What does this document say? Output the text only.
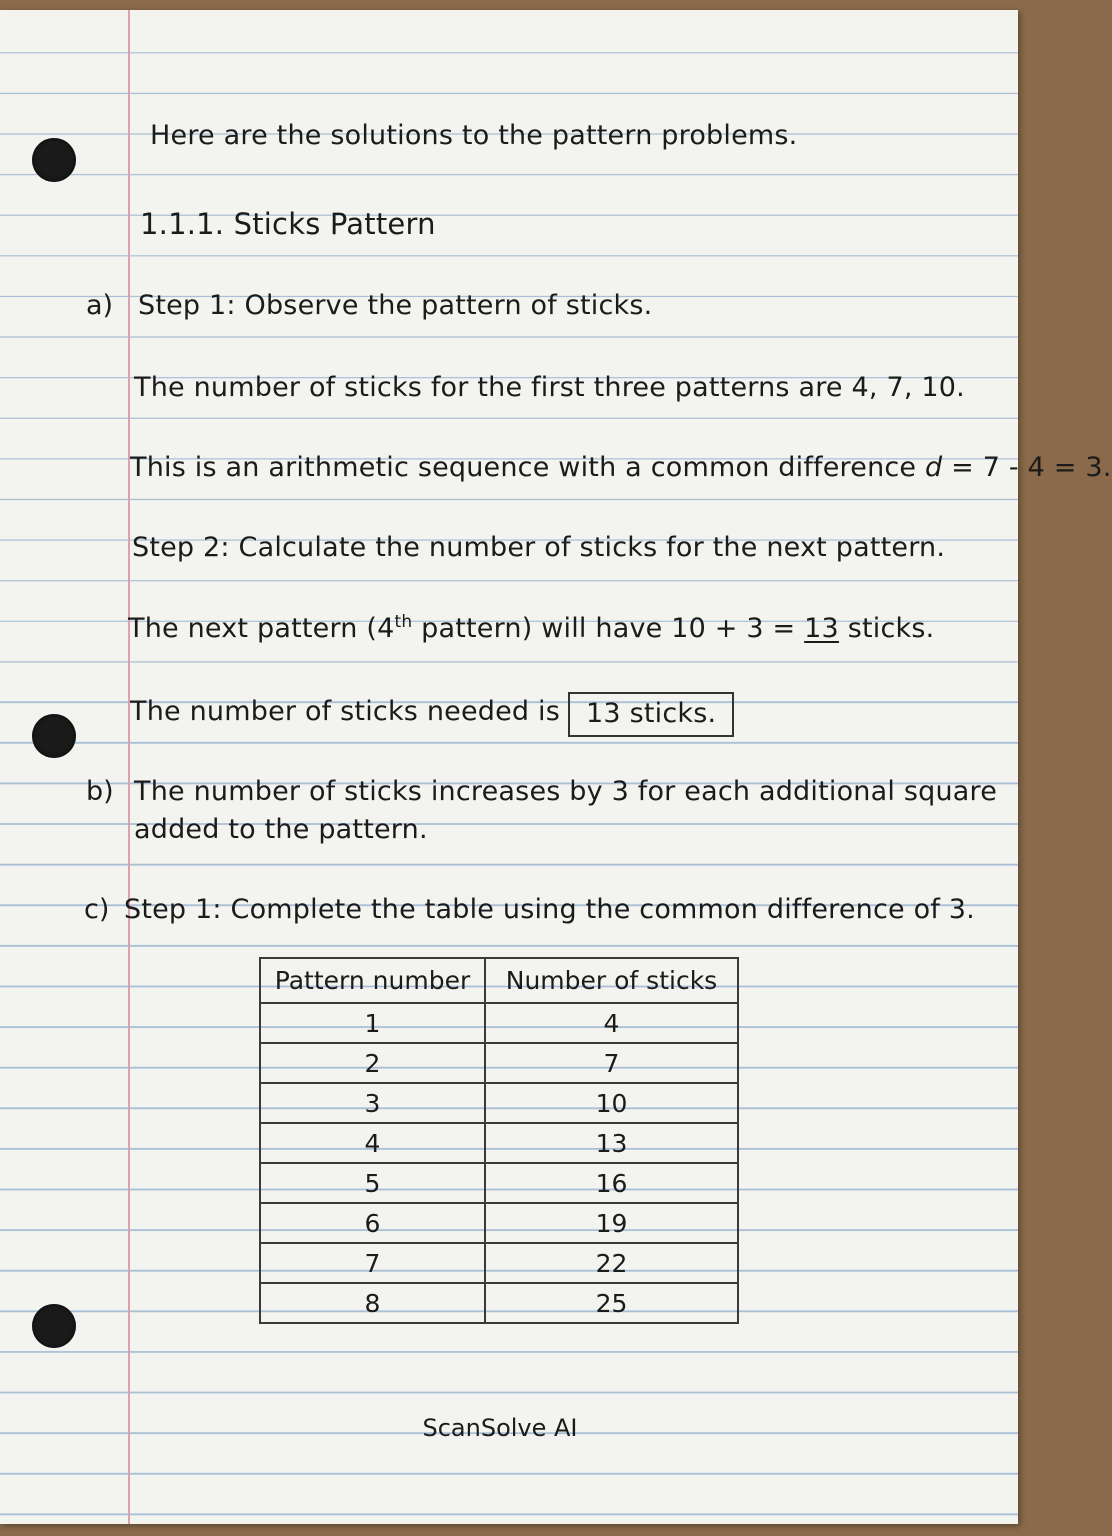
Here are the solutions to the pattern problems.

1.1.1. Sticks Pattern

a) Step 1: Observe the pattern of sticks.

The number of sticks for the first three patterns are 4, 7, 10.

This is an arithmetic sequence with a common difference d = 7 - 4 = 3.

Step 2: Calculate the number of sticks for the next pattern.

The next pattern (4th pattern) will have 10 + 3 = 13 sticks.

The number of sticks needed is 13 sticks.

b) The number of sticks increases by 3 for each additional square

added to the pattern.

c) Step 1: Complete the table using the common difference of 3.

Pattern number	Number of sticks
1	4
2	7
3	10
4	13
5	16
6	19
7	22
8	25

ScanSolve AI
